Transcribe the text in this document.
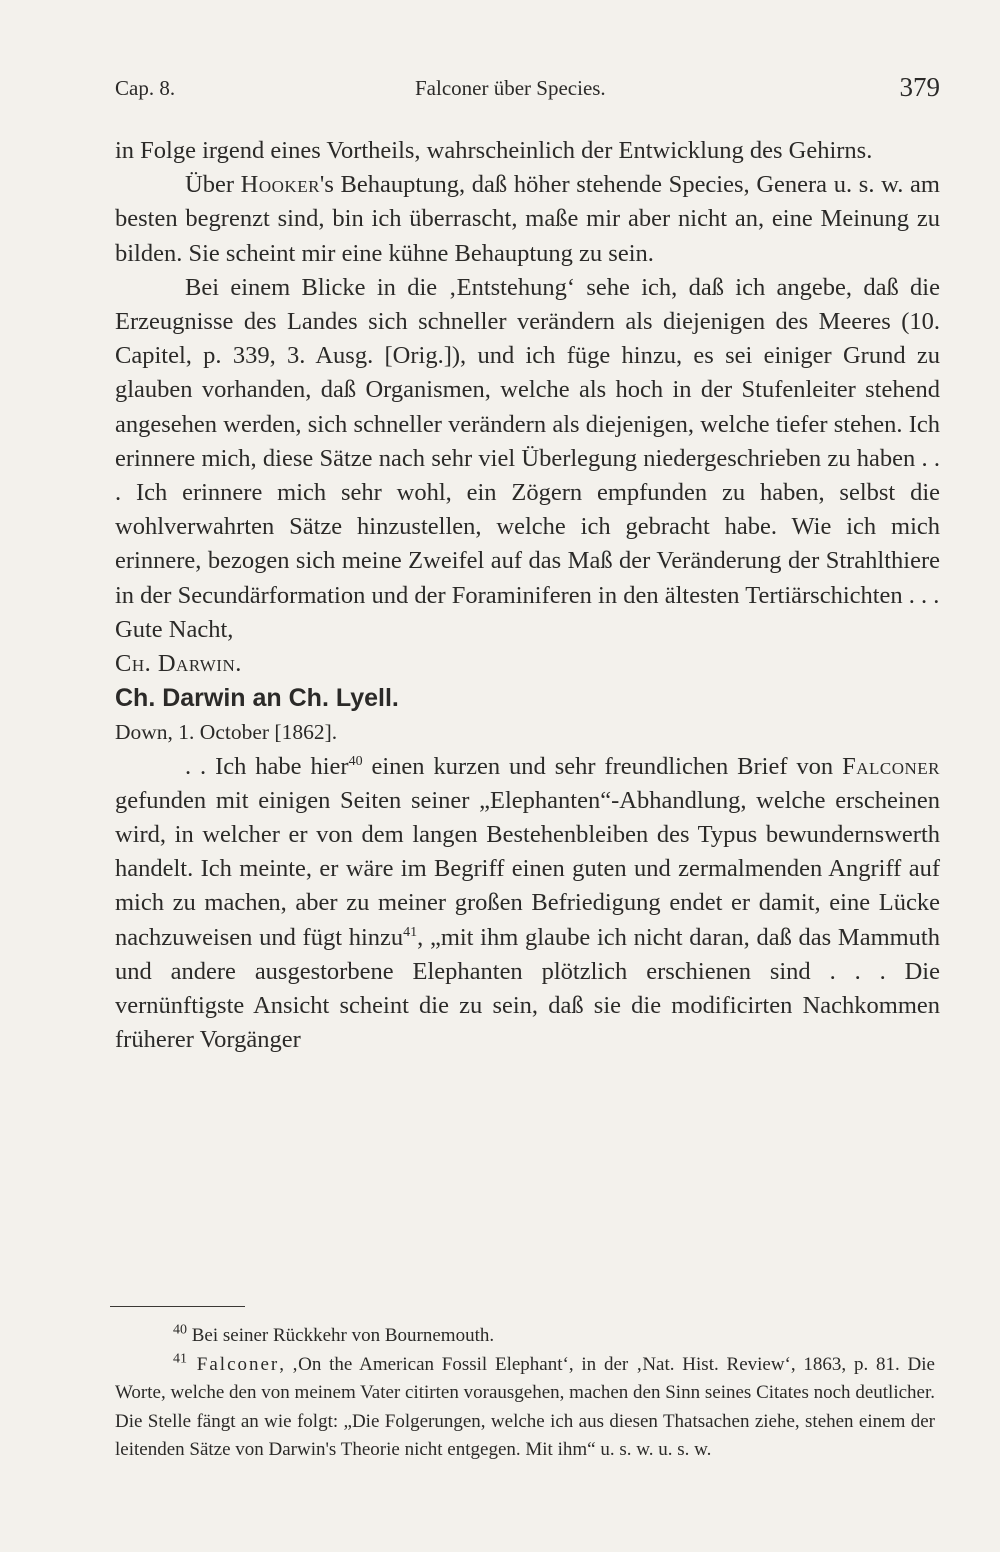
Cap. 8.	Falconer über Species.	379

in Folge irgend eines Vortheils, wahrscheinlich der Entwicklung des Gehirns.

Über Hooker's Behauptung, daß höher stehende Species, Genera u. s. w. am besten begrenzt sind, bin ich überrascht, maße mir aber nicht an, eine Meinung zu bilden. Sie scheint mir eine kühne Behauptung zu sein.

Bei einem Blicke in die ‚Entstehung‘ sehe ich, daß ich angebe, daß die Erzeugnisse des Landes sich schneller verändern als diejenigen des Meeres (10. Capitel, p. 339, 3. Ausg. [Orig.]), und ich füge hinzu, es sei einiger Grund zu glauben vorhanden, daß Organismen, welche als hoch in der Stufenleiter stehend angesehen werden, sich schneller verändern als diejenigen, welche tiefer stehen. Ich erinnere mich, diese Sätze nach sehr viel Überlegung niedergeschrieben zu haben . . . Ich erinnere mich sehr wohl, ein Zögern empfunden zu haben, selbst die wohlverwahrten Sätze hinzustellen, welche ich gebracht habe. Wie ich mich erinnere, bezogen sich meine Zweifel auf das Maß der Veränderung der Strahlthiere in der Secundärformation und der Foraminiferen in den ältesten Tertiärschichten . . .

Gute Nacht,

Ch. Darwin.

Ch. Darwin an Ch. Lyell.

Down, 1. October [1862].

. . Ich habe hier$^{40}$ einen kurzen und sehr freundlichen Brief von Falconer gefunden mit einigen Seiten seiner „Elephanten“-Abhandlung, welche erscheinen wird, in welcher er von dem langen Bestehenbleiben des Typus bewundernswerth handelt. Ich meinte, er wäre im Begriff einen guten und zermalmenden Angriff auf mich zu machen, aber zu meiner großen Befriedigung endet er damit, eine Lücke nachzuweisen und fügt hinzu$^{41}$, „mit ihm glaube ich nicht daran, daß das Mammuth und andere ausgestorbene Elephanten plötzlich erschienen sind . . . Die vernünftigste Ansicht scheint die zu sein, daß sie die modificirten Nachkommen früherer Vorgänger

$^{40}$ Bei seiner Rückkehr von Bournemouth.

$^{41}$ Falconer, ‚On the American Fossil Elephant‘, in der ‚Nat. Hist. Review‘, 1863, p. 81. Die Worte, welche den von meinem Vater citirten vorausgehen, machen den Sinn seines Citates noch deutlicher. Die Stelle fängt an wie folgt: „Die Folgerungen, welche ich aus diesen Thatsachen ziehe, stehen einem der leitenden Sätze von Darwin's Theorie nicht entgegen. Mit ihm“ u. s. w. u. s. w.
